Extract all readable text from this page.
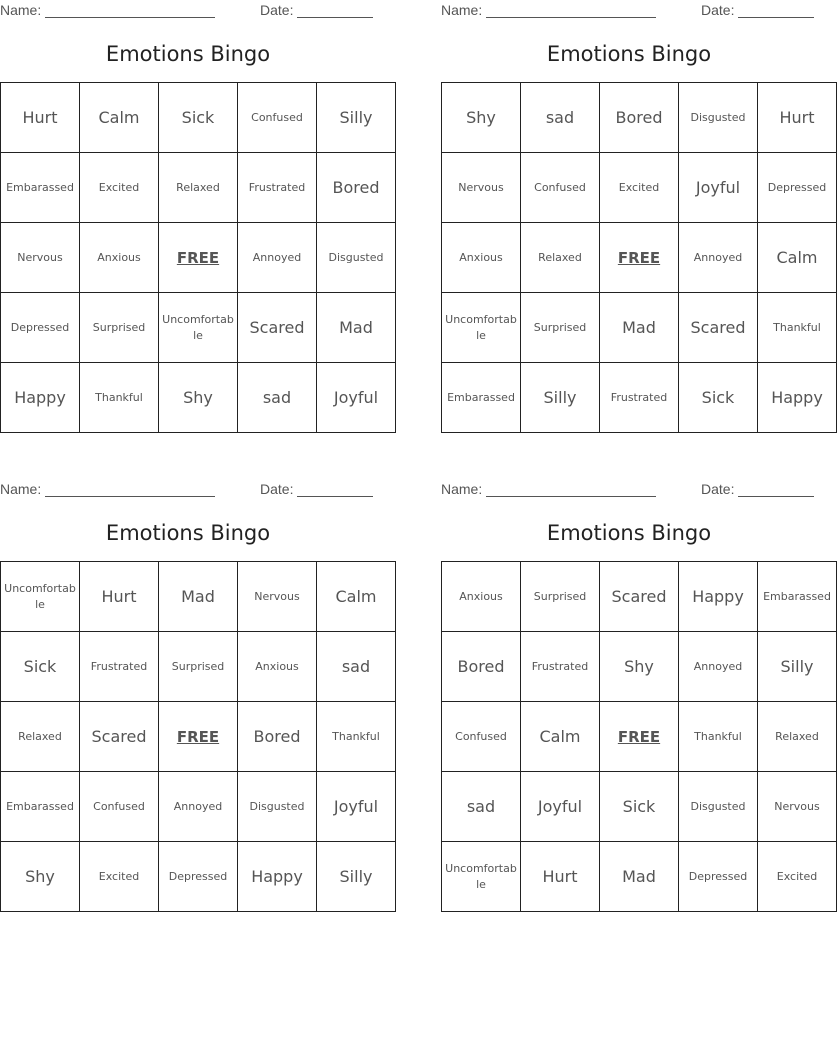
Name:	Date:
Emotions Bingo
Hurt	Calm	Sick	Confused	Silly
Embarassed	Excited	Relaxed	Frustrated	Bored
Nervous	Anxious	FREE	Annoyed	Disgusted
Depressed	Surprised	Uncomfortable	Scared	Mad
Happy	Thankful	Shy	sad	Joyful
Name:	Date:
Emotions Bingo
Shy	sad	Bored	Disgusted	Hurt
Nervous	Confused	Excited	Joyful	Depressed
Anxious	Relaxed	FREE	Annoyed	Calm
Uncomfortable	Surprised	Mad	Scared	Thankful
Embarassed	Silly	Frustrated	Sick	Happy
Name:	Date:
Emotions Bingo
Uncomfortable	Hurt	Mad	Nervous	Calm
Sick	Frustrated	Surprised	Anxious	sad
Relaxed	Scared	FREE	Bored	Thankful
Embarassed	Confused	Annoyed	Disgusted	Joyful
Shy	Excited	Depressed	Happy	Silly
Name:	Date:
Emotions Bingo
Anxious	Surprised	Scared	Happy	Embarassed
Bored	Frustrated	Shy	Annoyed	Silly
Confused	Calm	FREE	Thankful	Relaxed
sad	Joyful	Sick	Disgusted	Nervous
Uncomfortable	Hurt	Mad	Depressed	Excited
